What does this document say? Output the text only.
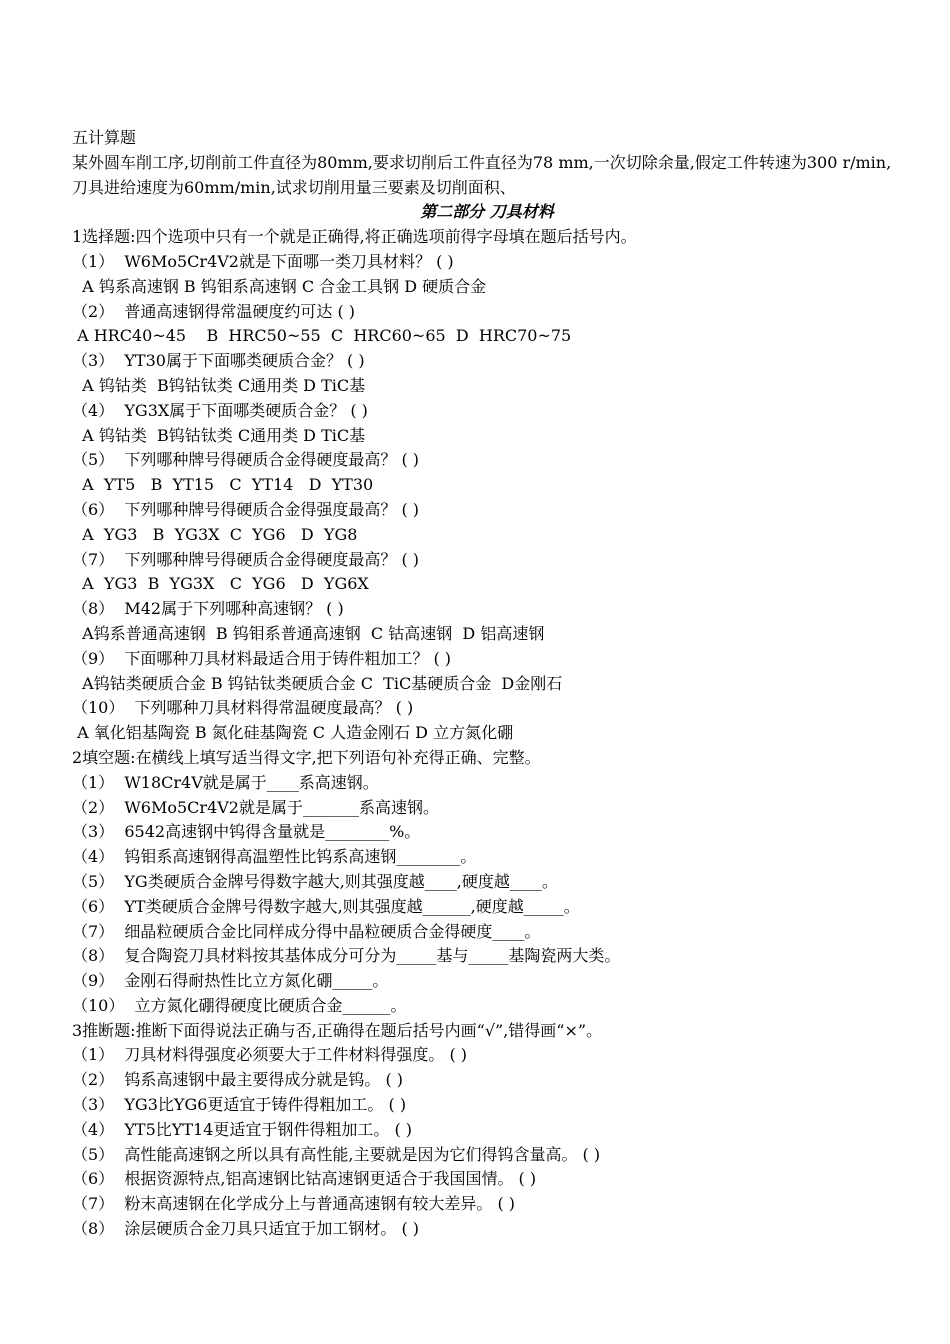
五计算题
某外圆车削工序,切削前工件直径为80mm,要求切削后工件直径为78 mm,一次切除余量,假定工件转速为300 r/min,刀具进给速度为60mm/min,试求切削用量三要素及切削面积、
第二部分 刀具材料
1选择题:四个选项中只有一个就是正确得,将正确选项前得字母填在题后括号内。
（1）  W6Mo5Cr4V2就是下面哪一类刀具材料？ ( )
A 钨系高速钢 B 钨钼系高速钢 C 合金工具钢 D 硬质合金
（2）  普通高速钢得常温硬度约可达 ( )
A HRC40~45    B  HRC50~55  C  HRC60~65  D  HRC70~75
（3）  YT30属于下面哪类硬质合金？ ( )
A 钨钴类  B钨钴钛类 C通用类 D TiC基
（4）  YG3X属于下面哪类硬质合金？ ( )
A 钨钴类  B钨钴钛类 C通用类 D TiC基
（5）  下列哪种牌号得硬质合金得硬度最高？ ( )
A  YT5   B  YT15   C  YT14   D  YT30
（6）  下列哪种牌号得硬质合金得强度最高？ ( )
A  YG3   B  YG3X  C  YG6   D  YG8
（7）  下列哪种牌号得硬质合金得硬度最高？ ( )
A  YG3  B  YG3X   C  YG6   D  YG6X
（8）  M42属于下列哪种高速钢？ ( )
A钨系普通高速钢  B 钨钼系普通高速钢  C 钴高速钢  D 铝高速钢
（9）  下面哪种刀具材料最适合用于铸件粗加工？ ( )
A钨钴类硬质合金 B 钨钴钛类硬质合金 C  TiC基硬质合金  D金刚石
（10）  下列哪种刀具材料得常温硬度最高？ ( )
A 氧化铝基陶瓷 B 氮化硅基陶瓷 C 人造金刚石 D 立方氮化硼
2填空题:在横线上填写适当得文字,把下列语句补充得正确、完整。
（1）  W18Cr4V就是属于____系高速钢。
（2）  W6Mo5Cr4V2就是属于_______系高速钢。
（3）  6542高速钢中钨得含量就是________%。
（4）  钨钼系高速钢得高温塑性比钨系高速钢________。
（5）  YG类硬质合金牌号得数字越大,则其强度越____,硬度越____。
（6）  YT类硬质合金牌号得数字越大,则其强度越______,硬度越_____。
（7）  细晶粒硬质合金比同样成分得中晶粒硬质合金得硬度____。
（8）  复合陶瓷刀具材料按其基体成分可分为_____基与_____基陶瓷两大类。
（9）  金刚石得耐热性比立方氮化硼_____。
（10）  立方氮化硼得硬度比硬质合金______。
3推断题:推断下面得说法正确与否,正确得在题后括号内画“√”,错得画“×”。
（1）  刀具材料得强度必须要大于工件材料得强度。 ( )
（2）  钨系高速钢中最主要得成分就是钨。 ( )
（3）  YG3比YG6更适宜于铸件得粗加工。 ( )
（4）  YT5比YT14更适宜于钢件得粗加工。 ( )
（5）  高性能高速钢之所以具有高性能,主要就是因为它们得钨含量高。 ( )
（6）  根据资源特点,铝高速钢比钴高速钢更适合于我国国情。 ( )
（7）  粉末高速钢在化学成分上与普通高速钢有较大差异。 ( )
（8）  涂层硬质合金刀具只适宜于加工钢材。 ( )
